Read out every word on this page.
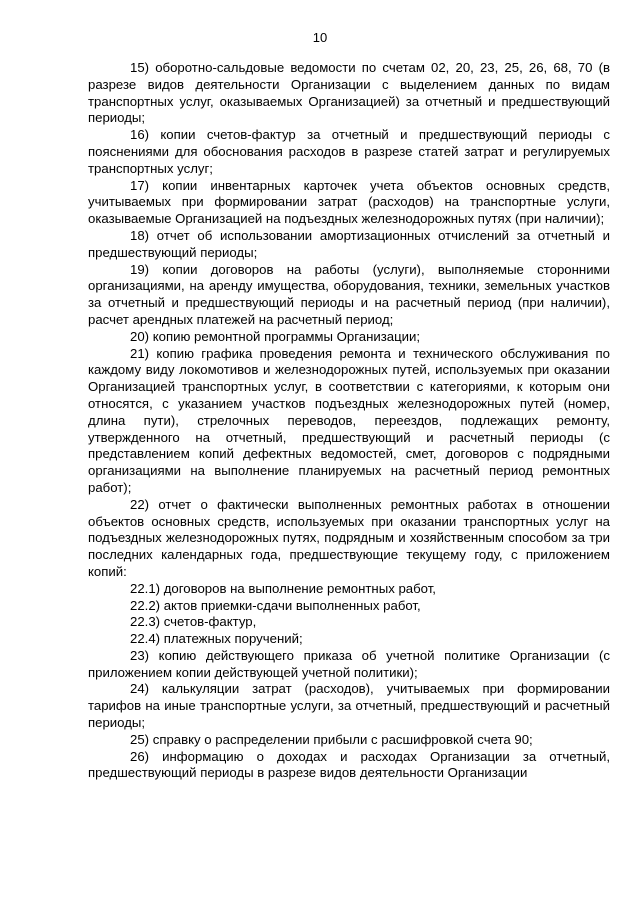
10

15) оборотно-сальдовые ведомости по счетам 02, 20, 23, 25, 26, 68, 70 (в разрезе видов деятельности Организации с выделением данных по видам транспортных услуг, оказываемых Организацией) за отчетный и предшествующий периоды;

16) копии счетов-фактур за отчетный и предшествующий периоды с пояснениями для обоснования расходов в разрезе статей затрат и регулируемых транспортных услуг;

17) копии инвентарных карточек учета объектов основных средств, учитываемых при формировании затрат (расходов) на транспортные услуги, оказываемые Организацией на подъездных железнодорожных путях (при наличии);

18) отчет об использовании амортизационных отчислений за отчетный и предшествующий периоды;

19) копии договоров на работы (услуги), выполняемые сторонними организациями, на аренду имущества, оборудования, техники, земельных участков за отчетный и предшествующий периоды и на расчетный период (при наличии), расчет арендных платежей на расчетный период;

20) копию ремонтной программы Организации;

21) копию графика проведения ремонта и технического обслуживания по каждому виду локомотивов и железнодорожных путей, используемых при оказании Организацией транспортных услуг, в соответствии с категориями, к которым они относятся, с указанием участков подъездных железнодорожных путей (номер, длина пути), стрелочных переводов, переездов, подлежащих ремонту, утвержденного на отчетный, предшествующий и расчетный периоды (с представлением копий дефектных ведомостей, смет, договоров с подрядными организациями на выполнение планируемых на расчетный период ремонтных работ);

22) отчет о фактически выполненных ремонтных работах в отношении объектов основных средств, используемых при оказании транспортных услуг на подъездных железнодорожных путях, подрядным и хозяйственным способом за три последних календарных года, предшествующие текущему году, с приложением копий:

22.1) договоров на выполнение ремонтных работ,

22.2) актов приемки-сдачи выполненных работ,

22.3) счетов-фактур,

22.4) платежных поручений;

23) копию действующего приказа об учетной политике Организации (с приложением копии действующей учетной политики);

24) калькуляции затрат (расходов), учитываемых при формировании тарифов на иные транспортные услуги, за отчетный, предшествующий и расчетный периоды;

25) справку о распределении прибыли с расшифровкой счета 90;

26) информацию о доходах и расходах Организации за отчетный, предшествующий периоды в разрезе видов деятельности Организации
